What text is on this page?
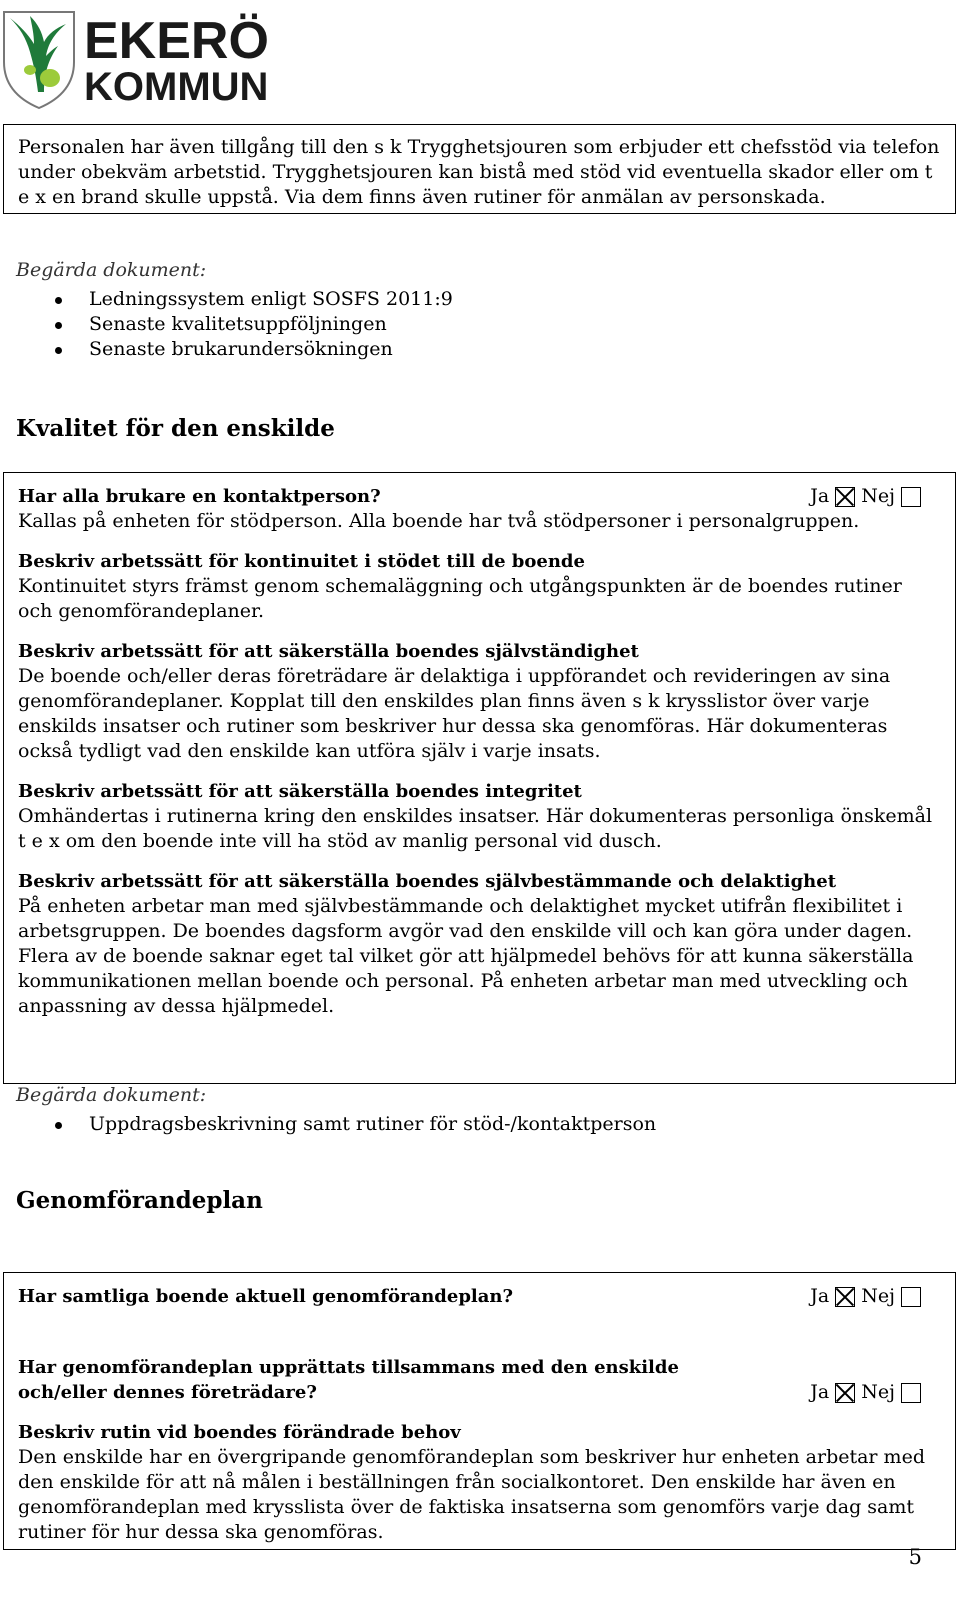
EKERÖ
KOMMUN

Personalen har även tillgång till den s k Trygghetsjouren som erbjuder ett chefsstöd via telefon under obekväm arbetstid. Trygghetsjouren kan bistå med stöd vid eventuella skador eller om t e x en brand skulle uppstå. Via dem finns även rutiner för anmälan av personskada.

Begärda dokument:

Ledningssystem enligt SOSFS 2011:9
Senaste kvalitetsuppföljningen
Senaste brukarundersökningen
Kvalitet för den enskilde

Har alla brukare en kontaktperson?	Ja Nej

Kallas på enheten för stödperson. Alla boende har två stödpersoner i personalgruppen.

Beskriv arbetssätt för kontinuitet i stödet till de boende

Kontinuitet styrs främst genom schemaläggning och utgångspunkten är de boendes rutiner och genomförandeplaner.

Beskriv arbetssätt för att säkerställa boendes självständighet

De boende och/eller deras företrädare är delaktiga i uppförandet och revideringen av sina genomförandeplaner. Kopplat till den enskildes plan finns även s k krysslistor över varje enskilds insatser och rutiner som beskriver hur dessa ska genomföras. Här dokumenteras också tydligt vad den enskilde kan utföra själv i varje insats.

Beskriv arbetssätt för att säkerställa boendes integritet

Omhändertas i rutinerna kring den enskildes insatser. Här dokumenteras personliga önskemål t e x om den boende inte vill ha stöd av manlig personal vid dusch.

Beskriv arbetssätt för att säkerställa boendes självbestämmande och delaktighet

På enheten arbetar man med självbestämmande och delaktighet mycket utifrån flexibilitet i arbetsgruppen. De boendes dagsform avgör vad den enskilde vill och kan göra under dagen. Flera av de boende saknar eget tal vilket gör att hjälpmedel behövs för att kunna säkerställa kommunikationen mellan boende och personal. På enheten arbetar man med utveckling och anpassning av dessa hjälpmedel.

Begärda dokument:

Uppdragsbeskrivning samt rutiner för stöd-/kontaktperson
Genomförandeplan

Har samtliga boende aktuell genomförandeplan?	Ja Nej

Har genomförandeplan upprättats tillsammans med den enskilde

och/eller dennes företrädare?	Ja Nej

Beskriv rutin vid boendes förändrade behov

Den enskilde har en övergripande genomförandeplan som beskriver hur enheten arbetar med den enskilde för att nå målen i beställningen från socialkontoret. Den enskilde har även en genomförandeplan med krysslista över de faktiska insatserna som genomförs varje dag samt rutiner för hur dessa ska genomföras.

5
